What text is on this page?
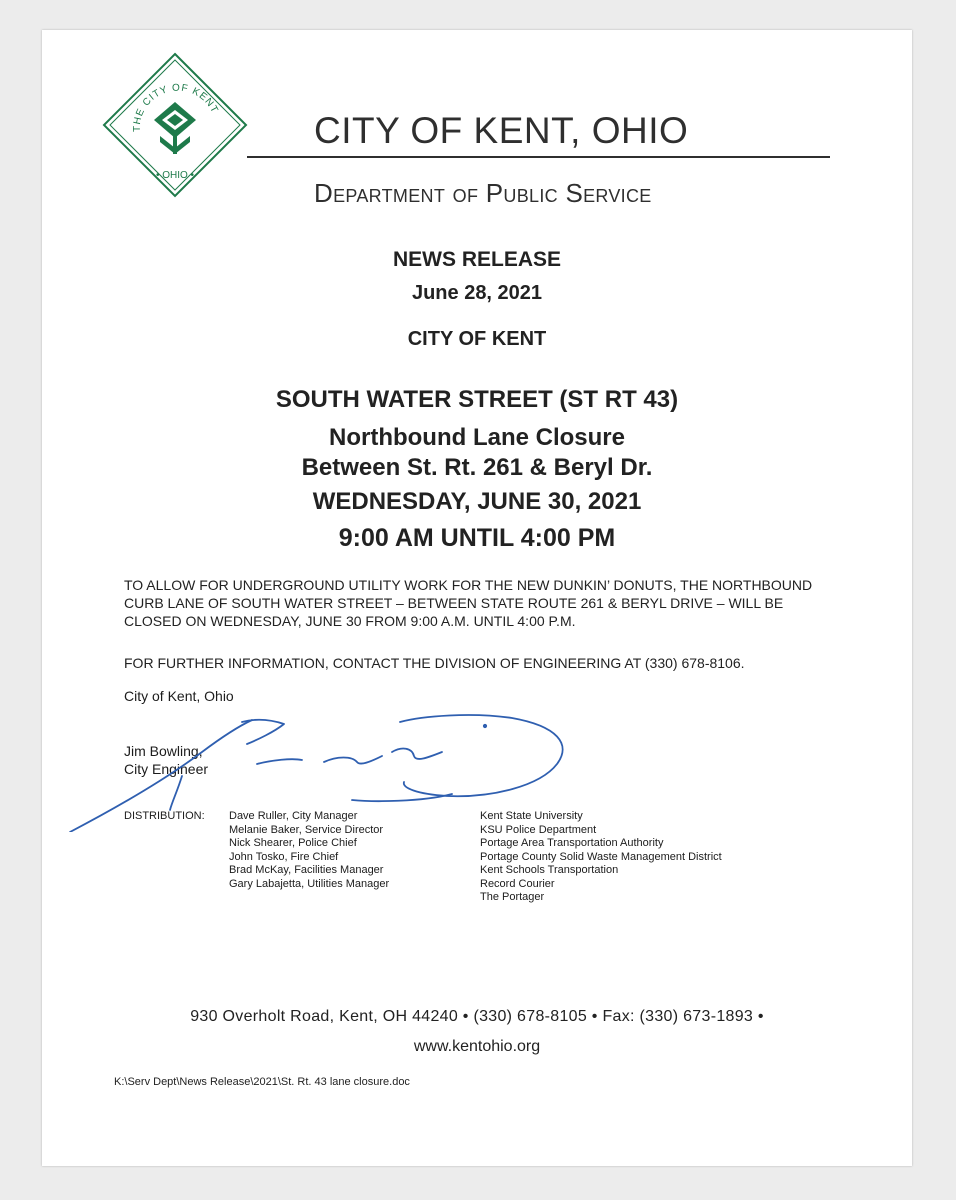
THE CITY OF KENT
• OHIO •
CITY OF KENT, OHIO
Department of Public Service

NEWS RELEASE

June 28, 2021

CITY OF KENT

SOUTH WATER STREET (ST RT 43)

Northbound Lane Closure

Between St. Rt. 261 & Beryl Dr.

WEDNESDAY, JUNE 30, 2021

9:00 AM UNTIL 4:00 PM

TO ALLOW FOR UNDERGROUND UTILITY WORK FOR THE NEW DUNKIN’ DONUTS, THE NORTHBOUND CURB LANE OF SOUTH WATER STREET – BETWEEN STATE ROUTE 261 & BERYL DRIVE – WILL BE CLOSED ON WEDNESDAY, JUNE 30 FROM 9:00 A.M. UNTIL 4:00 P.M.

FOR FURTHER INFORMATION, CONTACT THE DIVISION OF ENGINEERING AT (330) 678-8106.

City of Kent, Ohio

Jim Bowling,
City Engineer

DISTRIBUTION: Dave Ruller, City Manager
Melanie Baker, Service Director
Nick Shearer, Police Chief
John Tosko, Fire Chief
Brad McKay, Facilities Manager
Gary Labajetta, Utilities Manager
Kent State University
KSU Police Department
Portage Area Transportation Authority
Portage County Solid Waste Management District
Kent Schools Transportation
Record Courier
The Portager

930 Overholt Road, Kent, OH 44240 • (330) 678-8105 • Fax: (330) 673-1893 •

www.kentohio.org

K:\Serv Dept\News Release\2021\St. Rt. 43 lane closure.doc
